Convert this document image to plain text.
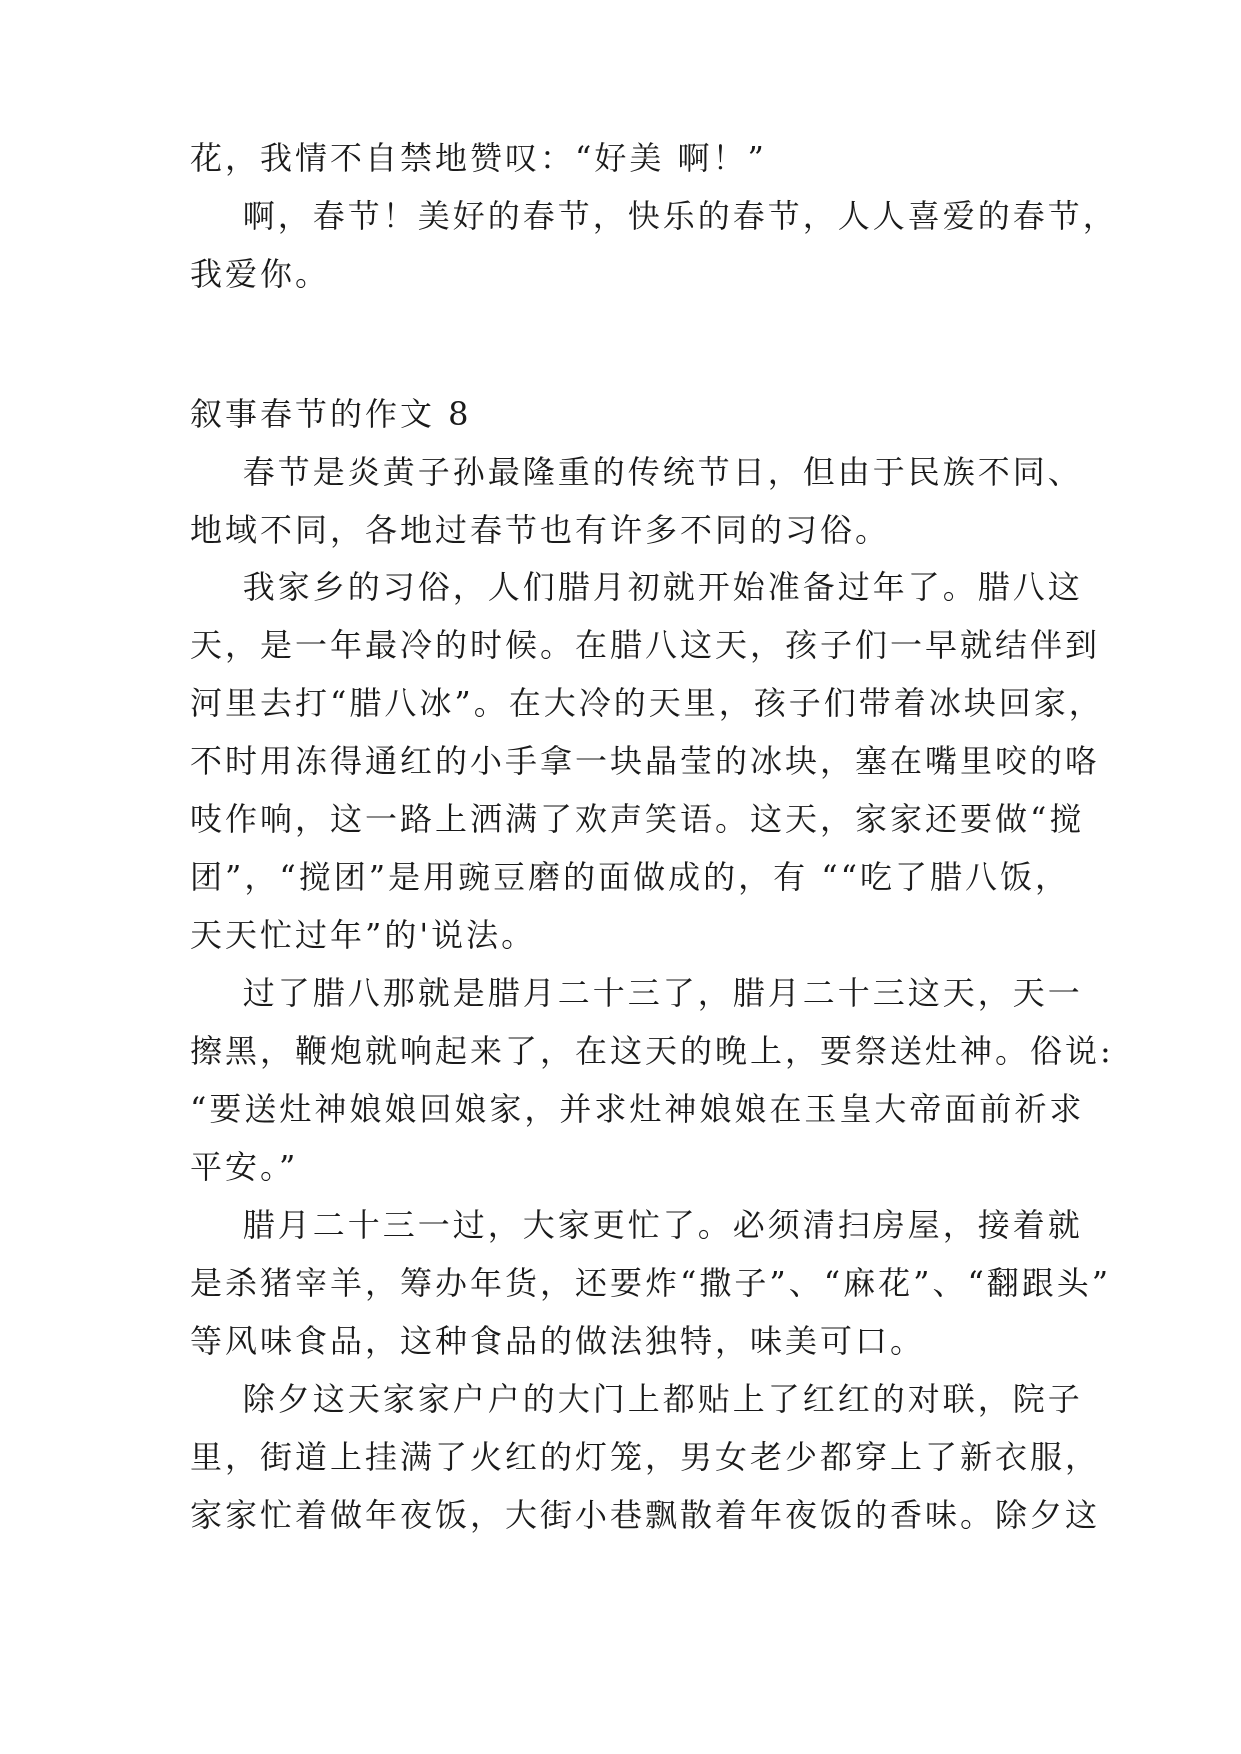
花，我情不自禁地赞叹：“好美 啊！”
啊，春节！美好的春节，快乐的春节，人人喜爱的春节，
我爱你。
叙事春节的作文 8
春节是炎黄子孙最隆重的传统节日，但由于民族不同、
地域不同，各地过春节也有许多不同的习俗。
我家乡的习俗，人们腊月初就开始准备过年了。腊八这
天，是一年最冷的时候。在腊八这天，孩子们一早就结伴到
河里去打“腊八冰”。在大冷的天里，孩子们带着冰块回家，
不时用冻得通红的小手拿一块晶莹的冰块，塞在嘴里咬的咯
吱作响，这一路上洒满了欢声笑语。这天，家家还要做“搅
团”，“搅团”是用豌豆磨的面做成的，有 ““吃了腊八饭，
天天忙过年”的'说法。
过了腊八那就是腊月二十三了，腊月二十三这天，天一
擦黑，鞭炮就响起来了，在这天的晚上，要祭送灶神。俗说:
“要送灶神娘娘回娘家，并求灶神娘娘在玉皇大帝面前祈求
平安。”
腊月二十三一过，大家更忙了。必须清扫房屋，接着就
是杀猪宰羊，筹办年货，还要炸“撒子”、“麻花”、“翻跟头”
等风味食品，这种食品的做法独特，味美可口。
除夕这天家家户户的大门上都贴上了红红的对联，院子
里，街道上挂满了火红的灯笼，男女老少都穿上了新衣服，
家家忙着做年夜饭，大街小巷飘散着年夜饭的香味。除夕这
